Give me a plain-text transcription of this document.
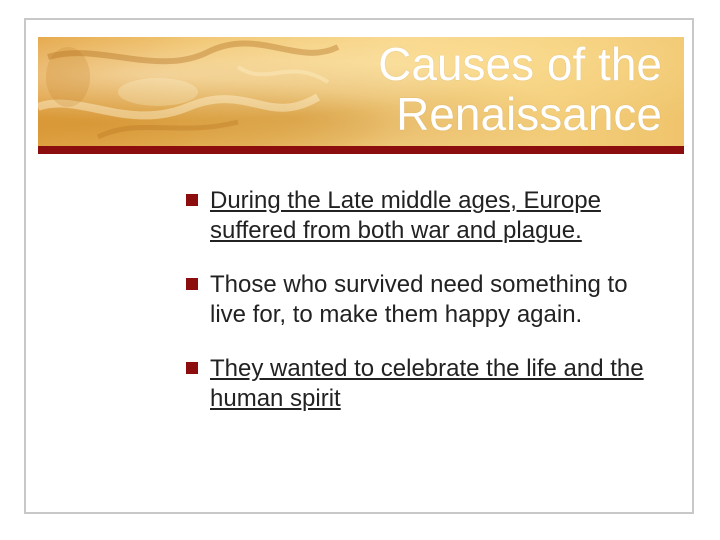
Causes of the
Renaissance
During the Late middle ages, Europe suffered from both war and plague.
Those who survived need something to live for, to make them happy again.
They wanted to celebrate the life and the human spirit
